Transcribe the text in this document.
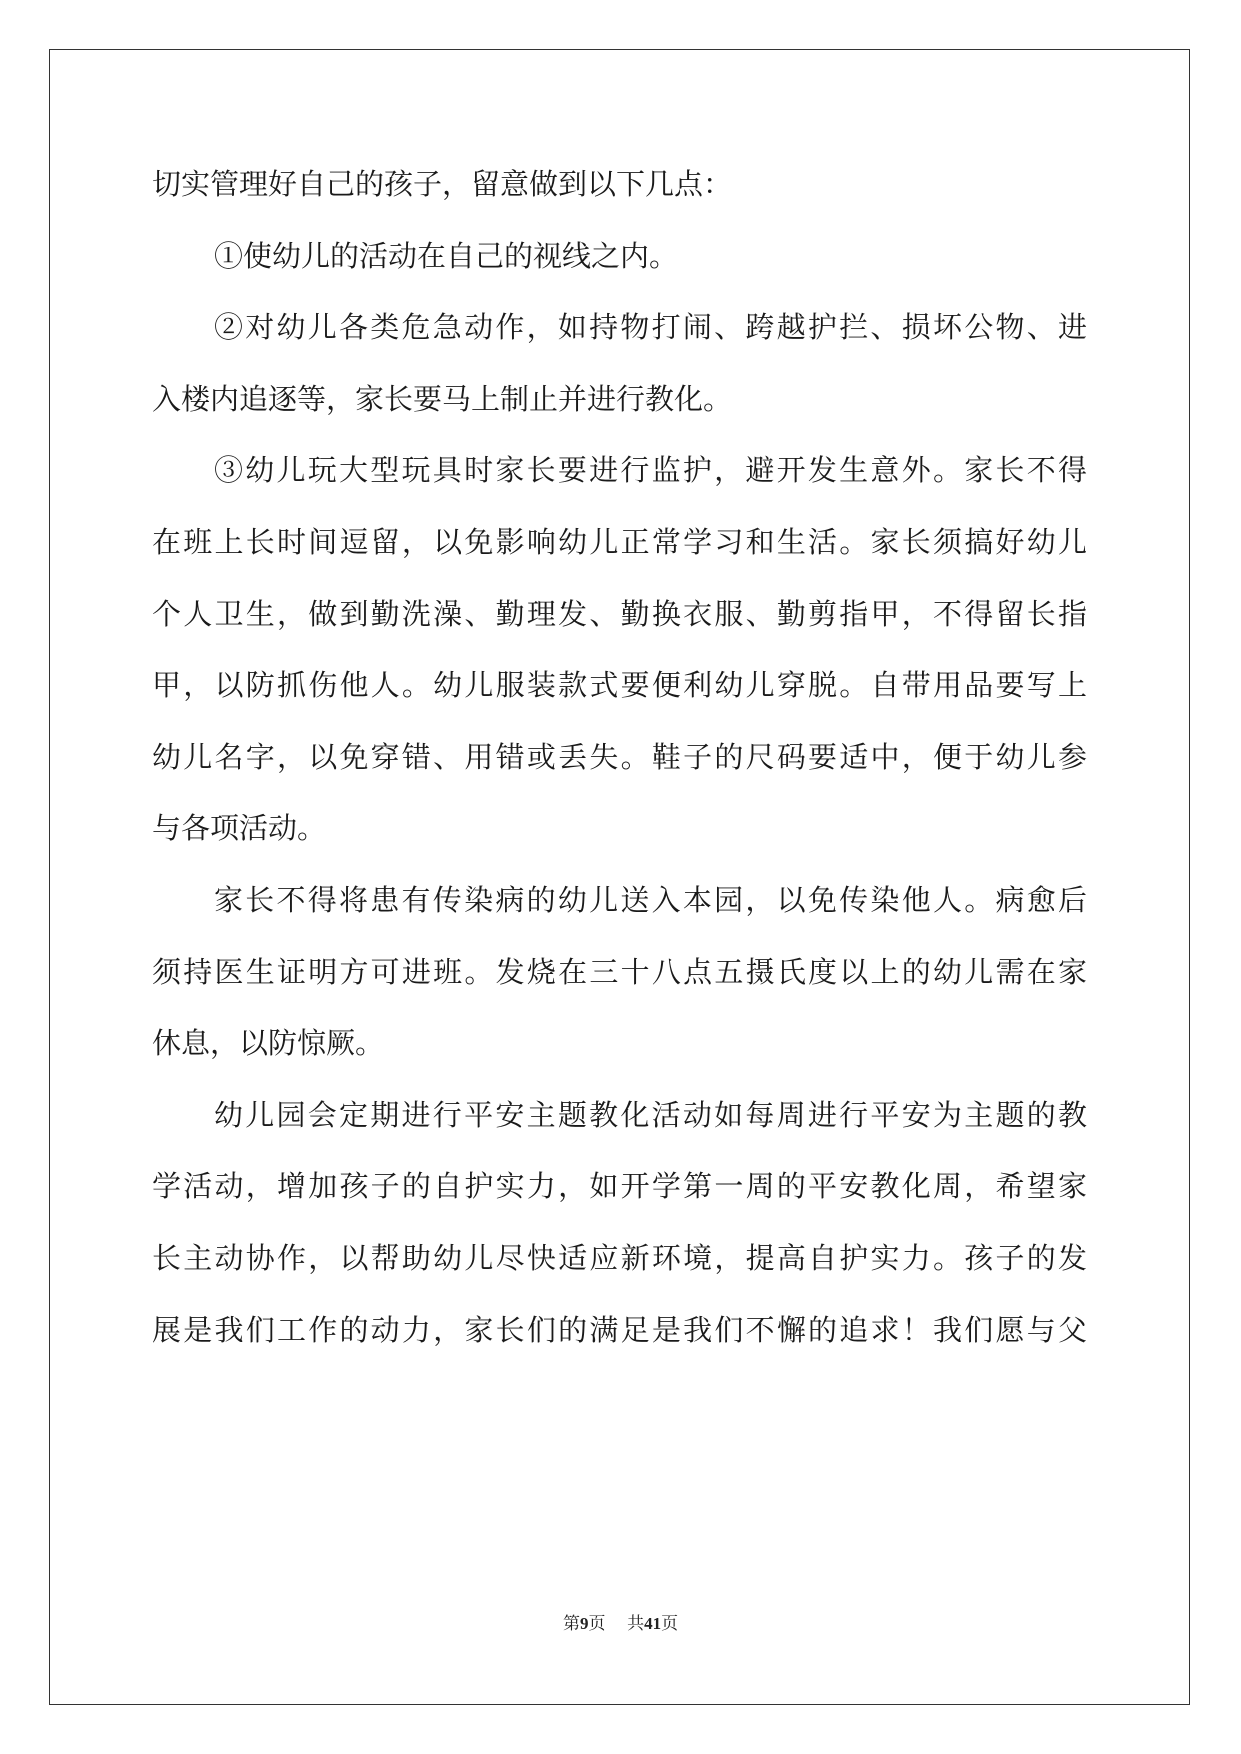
切实管理好自己的孩子，留意做到以下几点：
①使幼儿的活动在自己的视线之内。
②对幼儿各类危急动作，如持物打闹、跨越护拦、损坏公物、进
入楼内追逐等，家长要马上制止并进行教化。
③幼儿玩大型玩具时家长要进行监护，避开发生意外。家长不得
在班上长时间逗留，以免影响幼儿正常学习和生活。家长须搞好幼儿
个人卫生，做到勤洗澡、勤理发、勤换衣服、勤剪指甲，不得留长指
甲，以防抓伤他人。幼儿服装款式要便利幼儿穿脱。自带用品要写上
幼儿名字，以免穿错、用错或丢失。鞋子的尺码要适中，便于幼儿参
与各项活动。
家长不得将患有传染病的幼儿送入本园，以免传染他人。病愈后
须持医生证明方可进班。发烧在三十八点五摄氏度以上的幼儿需在家
休息，以防惊厥。
幼儿园会定期进行平安主题教化活动如每周进行平安为主题的教
学活动，增加孩子的自护实力，如开学第一周的平安教化周，希望家
长主动协作，以帮助幼儿尽快适应新环境，提高自护实力。孩子的发
展是我们工作的动力，家长们的满足是我们不懈的追求！我们愿与父
第9页 共41页
